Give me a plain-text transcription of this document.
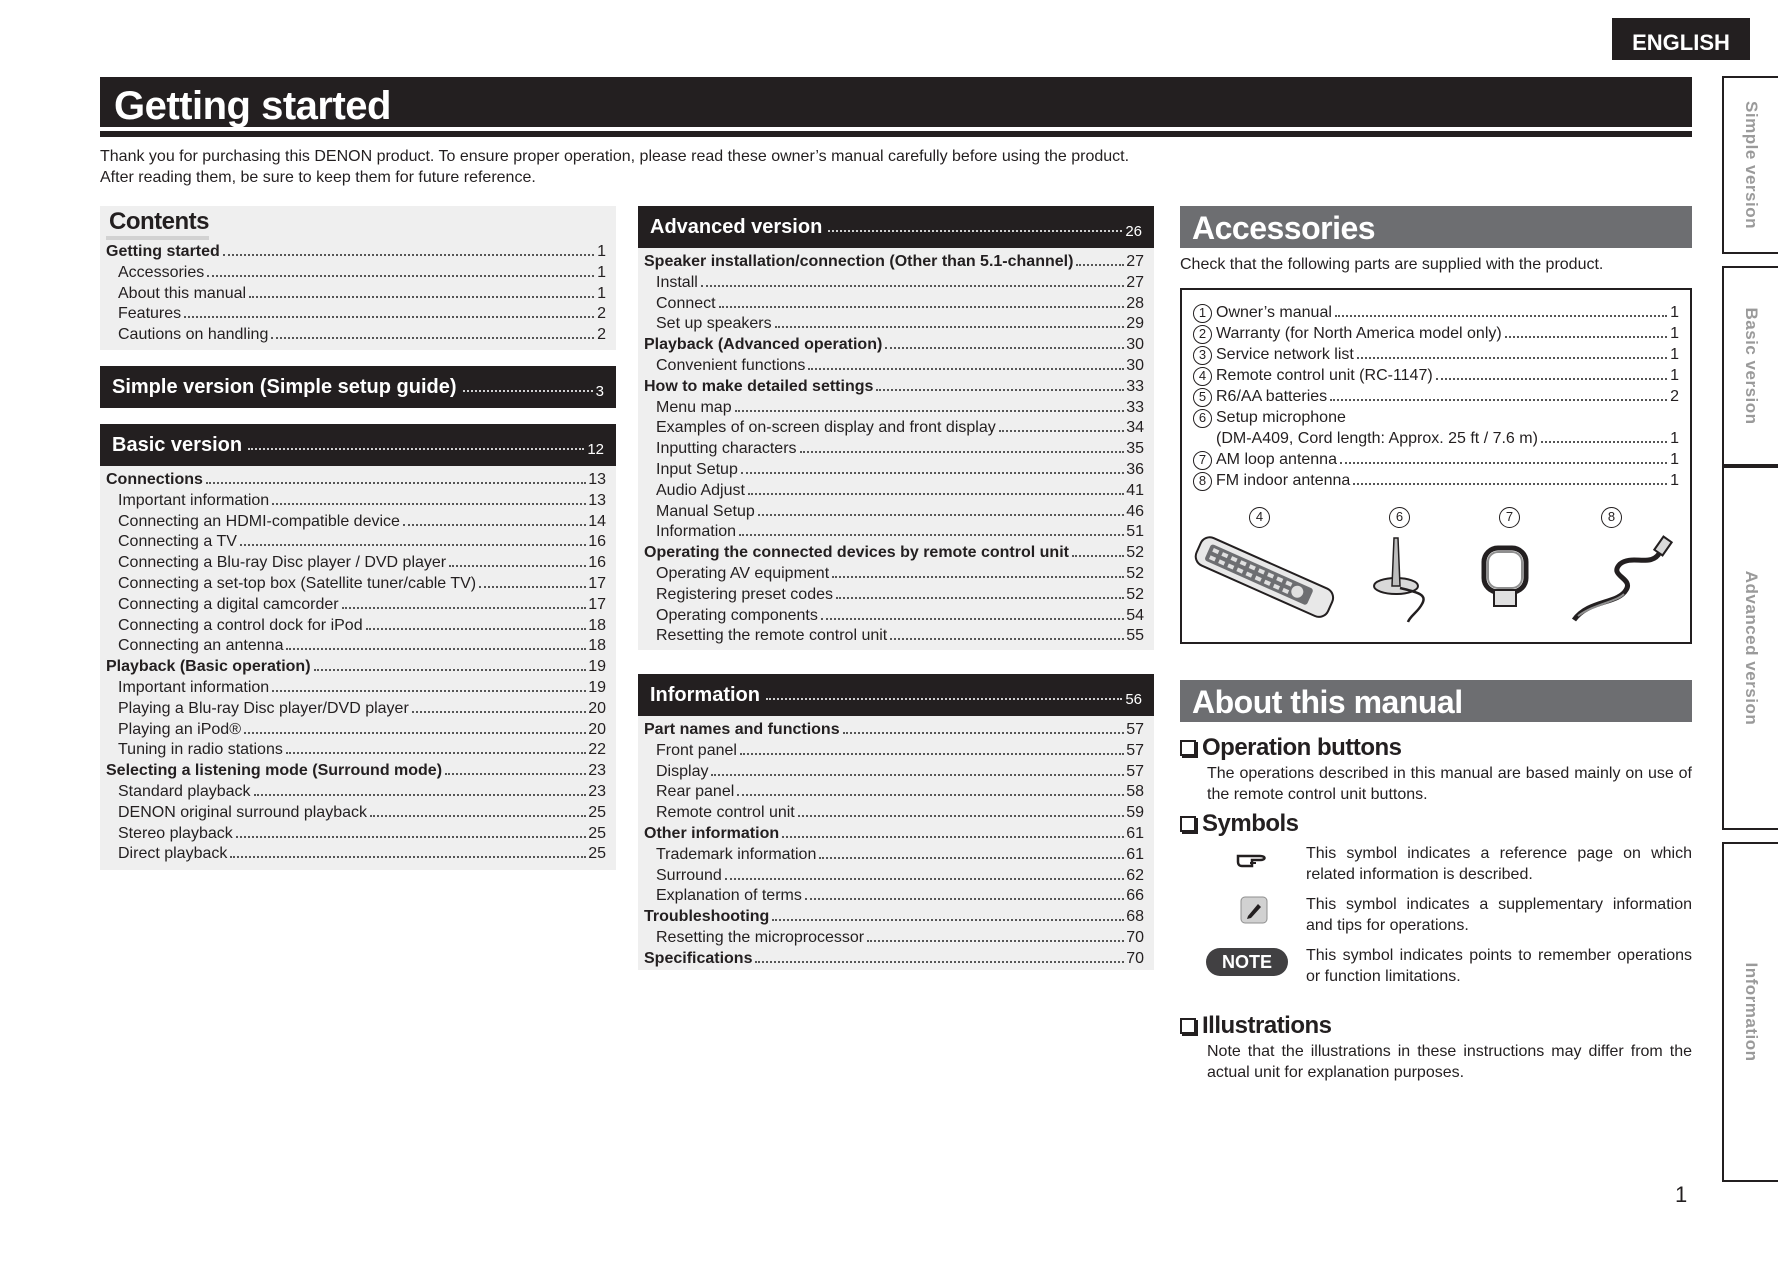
ENGLISH
Simple version
Basic version
Advanced version
Information
Getting started
Thank you for purchasing this DENON product. To ensure proper operation, please read these owner’s manual carefully before using the product.
After reading them, be sure to keep them for future reference.
Contents
Getting started	1
Accessories	1
About this manual	1
Features	2
Cautions on handling	2
Simple version (Simple setup guide)	3
Basic version	12
Connections	13
Important information	13
Connecting an HDMI-compatible device	14
Connecting a TV	16
Connecting a Blu-ray Disc player / DVD player	16
Connecting a set-top box (Satellite tuner/cable TV)	17
Connecting a digital camcorder	17
Connecting a control dock for iPod	18
Connecting an antenna	18
Playback (Basic operation)	19
Important information	19
Playing a Blu-ray Disc player/DVD player	20
Playing an iPod®	20
Tuning in radio stations	22
Selecting a listening mode (Surround mode)	23
Standard playback	23
DENON original surround playback	25
Stereo playback	25
Direct playback	25
Advanced version	26
Speaker installation/connection (Other than 5.1-channel)	27
Install	27
Connect	28
Set up speakers	29
Playback (Advanced operation)	30
Convenient functions	30
How to make detailed settings	33
Menu map	33
Examples of on-screen display and front display	34
Inputting characters	35
Input Setup	36
Audio Adjust	41
Manual Setup	46
Information	51
Operating the connected devices by remote control unit	52
Operating AV equipment	52
Registering preset codes	52
Operating components	54
Resetting the remote control unit	55
Information	56
Part names and functions	57
Front panel	57
Display	57
Rear panel	58
Remote control unit	59
Other information	61
Trademark information	61
Surround	62
Explanation of terms	66
Troubleshooting	68
Resetting the microprocessor	70
Specifications	70
Accessories
Check that the following parts are supplied with the product.
1 Owner’s manual	1
2 Warranty (for North America model only)	1
3 Service network list	1
4 Remote control unit (RC-1147)	1
5 R6/AA batteries	2
6 Setup microphone
(DM-A409, Cord length: Approx. 25 ft / 7.6 m)	1
7 AM loop antenna	1
8 FM indoor antenna	1
4	6	7	8
About this manual
Operation buttons
The operations described in this manual are based mainly on use of the remote control unit buttons.
Symbols
This symbol indicates a reference page on which related information is described.
This symbol indicates a supplementary information and tips for operations.
NOTE	This symbol indicates points to remember operations or function limitations.
Illustrations
Note that the illustrations in these instructions may differ from the actual unit for explanation purposes.
1
